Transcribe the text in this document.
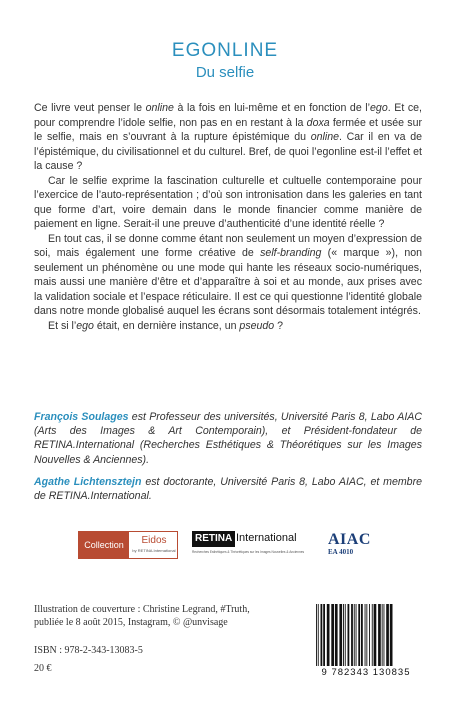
EGONLINE
Du selfie

Ce livre veut penser le online à la fois en lui-même et en fonction de l’ego. Et ce, pour comprendre l’idole selfie, non pas en en restant à la doxa fermée et usée sur le selfie, mais en s’ouvrant à la rupture épistémique du online. Car il en va de l’épistémique, du civilisationnel et du culturel. Bref, de quoi l’egonline est-il l’effet et la cause ?

Car le selfie exprime la fascination culturelle et cultuelle contemporaine pour l’exercice de l’auto-représentation ; d’où son intronisation dans les galeries en tant que forme d’art, voire demain dans le monde financier comme manière de paiement en ligne. Serait-il une preuve d’authenticité d’une identité réelle ?

En tout cas, il se donne comme étant non seulement un moyen d’expression de soi, mais également une forme créative de self-branding (« marque »), non seulement un phénomène ou une mode qui hante les réseaux socio-numériques, mais aussi une manière d’être et d’apparaître à soi et au monde, aux prises avec la validation sociale et l’espace réticulaire. Il est ce qui questionne l’identité globale dans notre monde globalisé auquel les écrans sont désormais totalement intégrés.

Et si l’ego était, en dernière instance, un pseudo ?

François Soulages est Professeur des universités, Université Paris 8, Labo AIAC (Arts des Images & Art Contemporain), et Président-fondateur de RETINA.International (Recherches Esthétiques & Théorétiques sur les Images Nouvelles & Anciennes).

Agathe Lichtensztejn est doctorante, Université Paris 8, Labo AIAC, et membre de RETINA.International.

Collection	Eidos
by RETINA.International
RETINA International
Recherches Esthétiques & Théorétiques sur les Images Nouvelles & Anciennes
AIAC
EA 4010
Illustration de couverture : Christine Legrand, #Truth,
publiée le 8 août 2015, Instagram, © @unvisage
ISBN : 978-2-343-13083-5
20 €	9 782343 130835
